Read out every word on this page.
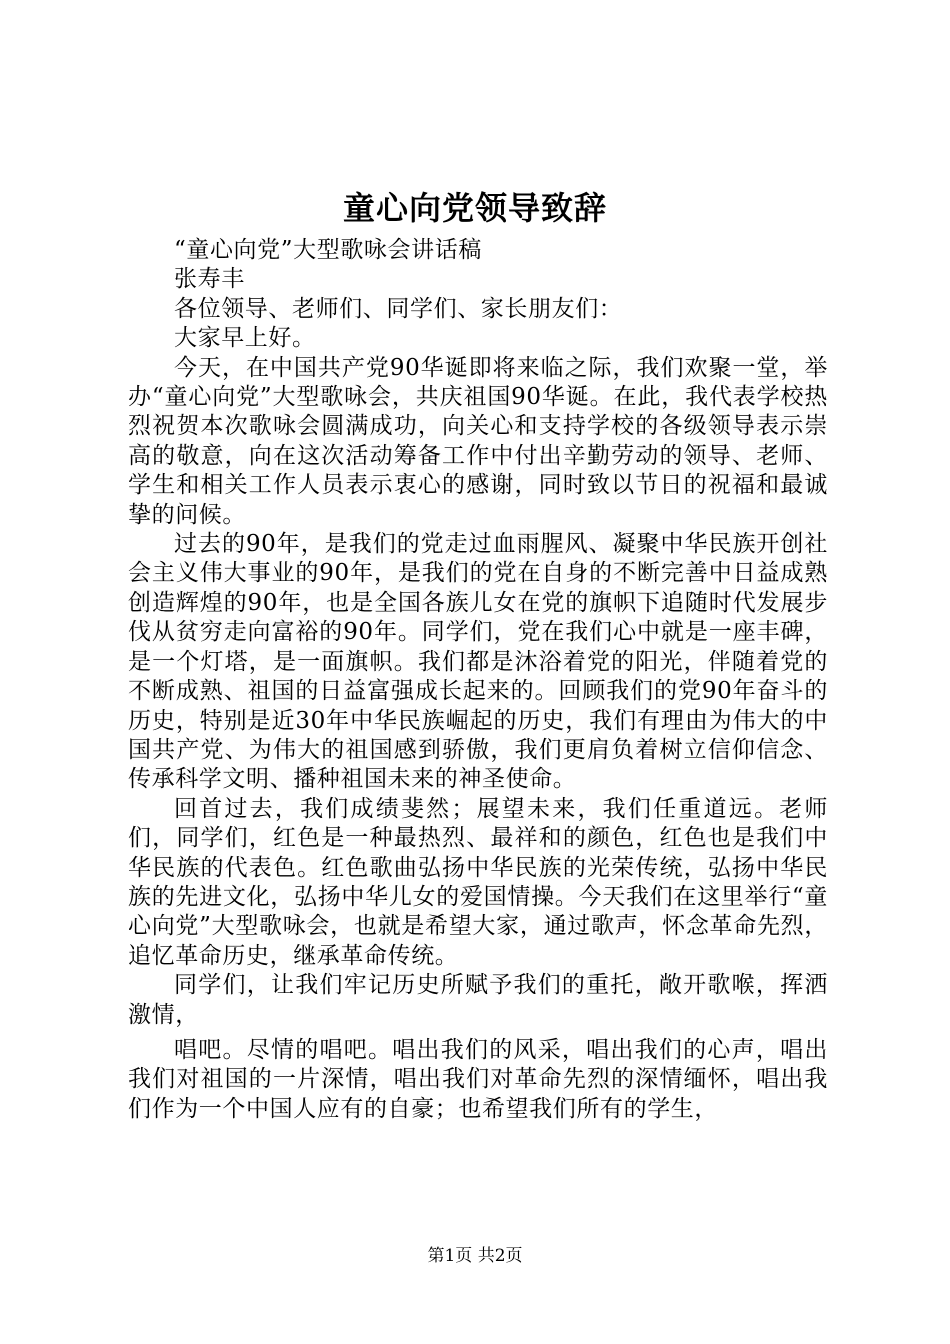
童心向党领导致辞

“童心向党”大型歌咏会讲话稿

张寿丰

各位领导、老师们、同学们、家长朋友们：

大家早上好。

今天，在中国共产党90华诞即将来临之际，我们欢聚一堂，举办“童心向党”大型歌咏会，共庆祖国90华诞。在此，我代表学校热烈祝贺本次歌咏会圆满成功，向关心和支持学校的各级领导表示崇高的敬意，向在这次活动筹备工作中付出辛勤劳动的领导、老师、学生和相关工作人员表示衷心的感谢，同时致以节日的祝福和最诚挚的问候。

过去的90年，是我们的党走过血雨腥风、凝聚中华民族开创社会主义伟大事业的90年，是我们的党在自身的不断完善中日益成熟创造辉煌的90年，也是全国各族儿女在党的旗帜下追随时代发展步伐从贫穷走向富裕的90年。同学们，党在我们心中就是一座丰碑，是一个灯塔，是一面旗帜。我们都是沐浴着党的阳光，伴随着党的不断成熟、祖国的日益富强成长起来的。回顾我们的党90年奋斗的历史，特别是近30年中华民族崛起的历史，我们有理由为伟大的中国共产党、为伟大的祖国感到骄傲，我们更肩负着树立信仰信念、传承科学文明、播种祖国未来的神圣使命。

回首过去，我们成绩斐然；展望未来，我们任重道远。老师们，同学们，红色是一种最热烈、最祥和的颜色，红色也是我们中华民族的代表色。红色歌曲弘扬中华民族的光荣传统，弘扬中华民族的先进文化，弘扬中华儿女的爱国情操。今天我们在这里举行“童心向党”大型歌咏会，也就是希望大家，通过歌声，怀念革命先烈，追忆革命历史，继承革命传统。

同学们，让我们牢记历史所赋予我们的重托，敞开歌喉，挥洒激情，

唱吧。尽情的唱吧。唱出我们的风采，唱出我们的心声，唱出我们对祖国的一片深情，唱出我们对革命先烈的深情缅怀，唱出我们作为一个中国人应有的自豪；也希望我们所有的学生，

第1页 共2页
